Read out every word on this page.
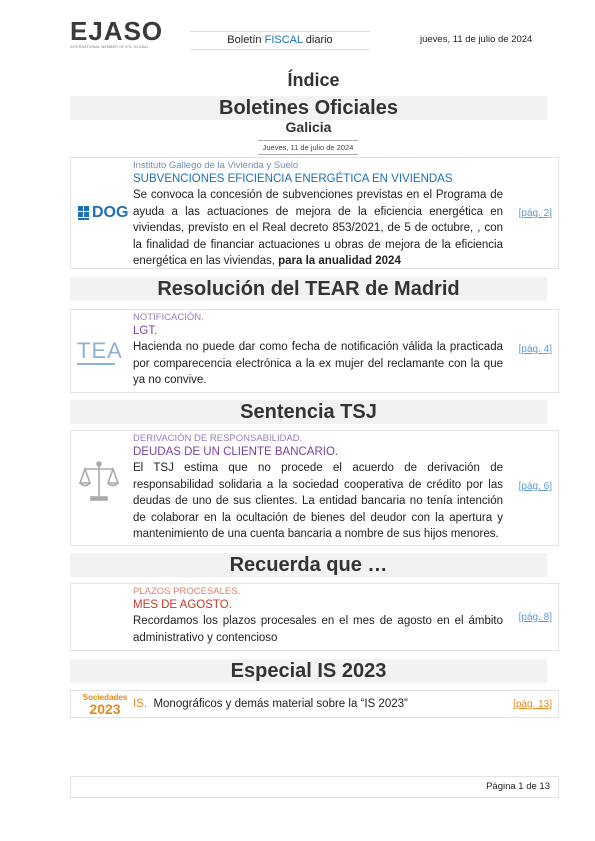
EJASO
INTERNATIONAL MEMBER OF ETL GLOBAL
Boletín FISCAL diario	jueves, 11 de julio de 2024
Índice
Boletines Oficiales
Galicia
Jueves, 11 de julio de 2024
DOG
Instituto Gallego de la Vivienda y Suelo
SUBVENCIONES EFICIENCIA ENERGÉTICA EN VIVIENDAS
Se convoca la concesión de subvenciones previstas en el Programa de ayuda a las actuaciones de mejora de la eficiencia energética en viviendas, previsto en el Real decreto 853/2021, de 5 de octubre, , con la finalidad de financiar actuaciones u obras de mejora de la eficiencia energética en las viviendas, para la anualidad 2024
[pág. 2]
Resolución del TEAR de Madrid
TEA
NOTIFICACIÓN.
LGT.
Hacienda no puede dar como fecha de notificación válida la practicada por comparecencia electrónica a la ex mujer del reclamante con la que ya no convive.
[pág. 4]
Sentencia TSJ
DERIVACIÓN DE RESPONSABILIDAD.
DEUDAS DE UN CLIENTE BANCARIO.
El TSJ estima que no procede el acuerdo de derivación de responsabilidad solidaria a la sociedad cooperativa de crédito por las deudas de uno de sus clientes. La entidad bancaria no tenía intención de colaborar en la ocultación de bienes del deudor con la apertura y mantenimiento de una cuenta bancaria a nombre de sus hijos menores.
[pág. 6]
Recuerda que …
PLAZOS PROCESALES.
MES DE AGOSTO.
Recordamos los plazos procesales en el mes de agosto en el ámbito administrativo y contencioso
[pág. 8]
Especial IS 2023
Sociedades
2023	IS. Monográficos y demás material sobre la “IS 2023”	[pág. 13]
Página 1 de 13
